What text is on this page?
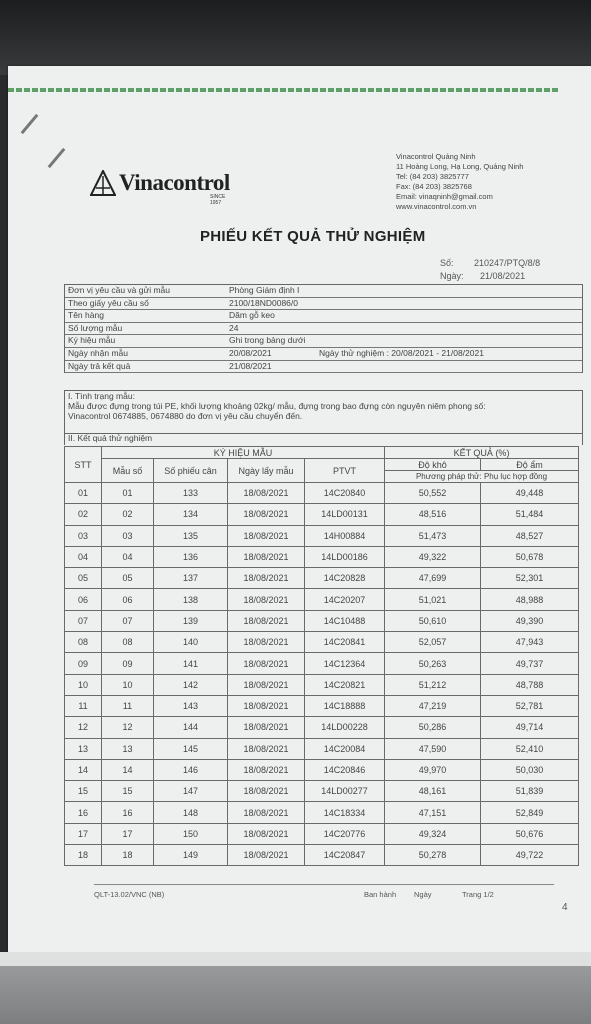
Vinacontrol
SINCE 1957
Vinacontrol Quảng Ninh
11 Hoàng Long, Hạ Long, Quảng Ninh
Tel: (84 203) 3825777
Fax: (84 203) 3825768
Email: vinaqninh@gmail.com
www.vinacontrol.com.vn
PHIẾU KẾT QUẢ THỬ NGHIỆM
Số: 210247/PTQ/8/8
Ngày: 21/08/2021
Đơn vị yêu cầu và gửi mẫu	Phòng Giám định I
Theo giấy yêu cầu số	2100/18ND0086/0
Tên hàng	Dăm gỗ keo
Số lượng mẫu	24
Ký hiệu mẫu	Ghi trong bảng dưới
Ngày nhận mẫu	20/08/2021	Ngày thử nghiệm : 20/08/2021 - 21/08/2021
Ngày trả kết quả	21/08/2021
I. Tình trạng mẫu:
Mẫu được đựng trong túi PE, khối lượng khoảng 02kg/ mẫu, đựng trong bao đựng còn nguyên niêm phong số:
Vinacontrol 0674885, 0674880 do đơn vị yêu cầu chuyển đến.
II. Kết quả thử nghiệm
STT	KÝ HIỆU MẪU				KẾT QUẢ (%)	
	Mẫu số	Số phiếu cân	Ngày lấy mẫu	PTVT	Độ khô	Độ ẩm
					Phương pháp thử: Phụ lục hợp đồng	
01	01	133	18/08/2021	14C20840	50,552	49,448
02	02	134	18/08/2021	14LD00131	48,516	51,484
03	03	135	18/08/2021	14H00884	51,473	48,527
04	04	136	18/08/2021	14LD00186	49,322	50,678
05	05	137	18/08/2021	14C20828	47,699	52,301
06	06	138	18/08/2021	14C20207	51,021	48,988
07	07	139	18/08/2021	14C10488	50,610	49,390
08	08	140	18/08/2021	14C20841	52,057	47,943
09	09	141	18/08/2021	14C12364	50,263	49,737
10	10	142	18/08/2021	14C20821	51,212	48,788
11	11	143	18/08/2021	14C18888	47,219	52,781
12	12	144	18/08/2021	14LD00228	50,286	49,714
13	13	145	18/08/2021	14C20084	47,590	52,410
14	14	146	18/08/2021	14C20846	49,970	50,030
15	15	147	18/08/2021	14LD00277	48,161	51,839
16	16	148	18/08/2021	14C18334	47,151	52,849
17	17	150	18/08/2021	14C20776	49,324	50,676
18	18	149	18/08/2021	14C20847	50,278	49,722
QLT-13.02/VNC (NB)	Ban hành Ngày	Trang 1/2
4
